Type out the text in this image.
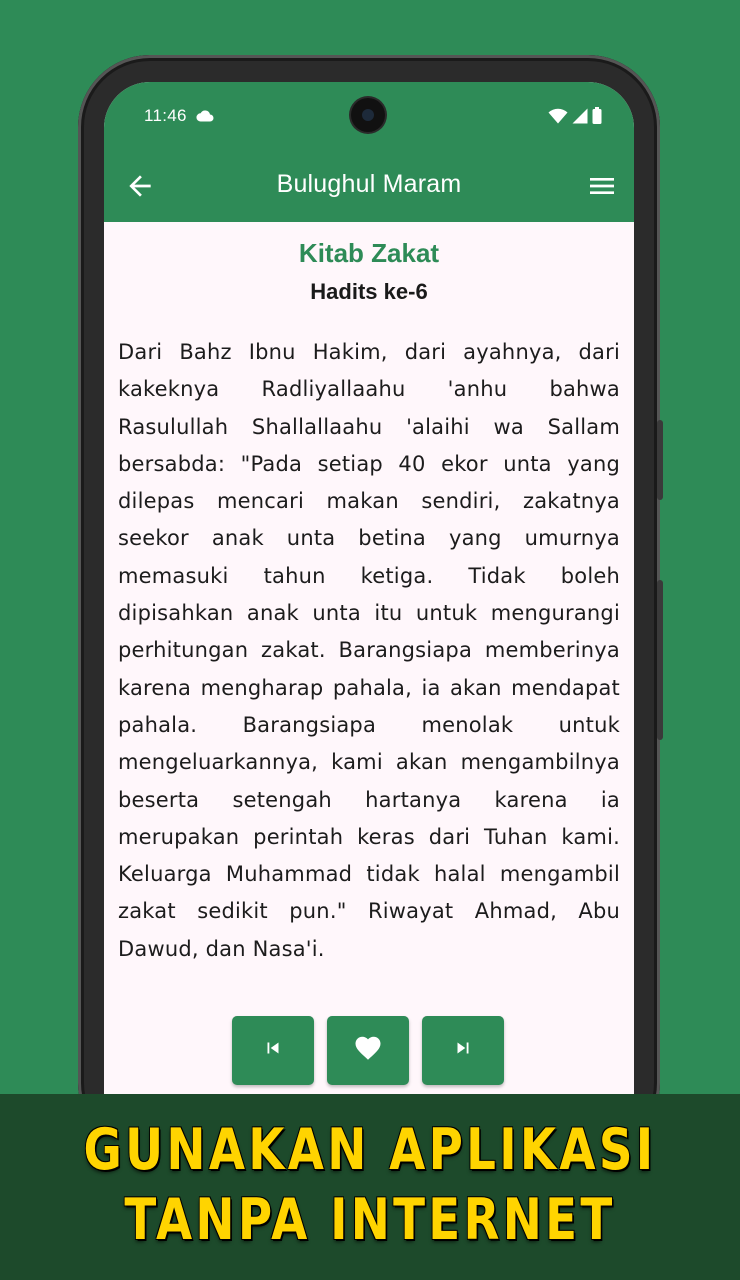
11:46
Bulughul Maram
Kitab Zakat
Hadits ke-6
Dari Bahz Ibnu Hakim, dari ayahnya, dari kakeknya Radliyallaahu 'anhu bahwa Rasulullah Shallallaahu 'alaihi wa Sallam bersabda: "Pada setiap 40 ekor unta yang dilepas mencari makan sendiri, zakatnya seekor anak unta betina yang umurnya memasuki tahun ketiga. Tidak boleh dipisahkan anak unta itu untuk mengurangi perhitungan zakat. Barangsiapa memberinya karena mengharap pahala, ia akan mendapat pahala. Barangsiapa menolak untuk mengeluarkannya, kami akan mengambilnya beserta setengah hartanya karena ia merupakan perintah keras dari Tuhan kami. Keluarga Muhammad tidak halal mengambil zakat sedikit pun." Riwayat Ahmad, Abu Dawud, dan Nasa'i.
GUNAKAN APLIKASI
TANPA INTERNET
